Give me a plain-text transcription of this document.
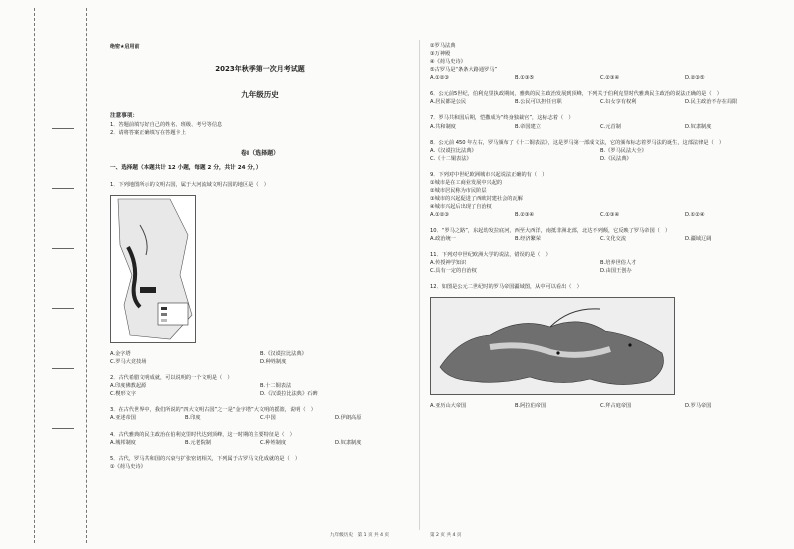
绝密★启用前

2023年秋季第一次月考试题

九年级历史

注意事项：

1．答题前填写好自己的姓名、班级、考号等信息

2．请将答案正确填写在答题卡上

卷I（选择题）

一、选择题（本题共计 12 小题，每题 2 分，共计 24 分，）

1．下列地图所示的文明古国，属于大河流域文明古国的地区是（　）

A.金字塔	B.《汉谟拉比法典》
C.罗马大竞技场	D.种姓制度

2．古代希腊文明成就，可以说明的一个文明是（　）

A.印度佛教起源	B.十二铜表法
C.楔形文字	D.《汉谟拉比法典》石碑

3．在古代世界中，我们所说的“四大文明古国”之一是“金字塔”大文明的摇篮，说明（　）

A.亚述帝国	B.印度	C.中国	D.伊朗高原

4．古代雅典的民主政治在伯利克里时代达到顶峰，这一时期的主要特征是（　）

A.城邦制度	B.元老院制	C.种姓制度	D.奴隶制度

5．古代，罗马共和国的兴衰与扩张密切相关，下列属于古罗马文化成就的是（　）

①《荷马史诗》

②罗马法典

③万神殿

④《荷马史诗》

⑤古罗马是“条条大路通罗马”

A.①②③	B.①③⑤	C.②③④	D.②③⑤

6．公元前5世纪，伯利克里执政期间，雅典的民主政治发展到顶峰，下列关于伯利克里时代雅典民主政治的说法正确的是（　）

A.居民都是公民	B.公民可以担任官职	C.妇女享有权利	D.民主政治不存在局限

7．罗马共和国后期，恺撒成为“终身独裁官”，这标志着（　）

A.共和制度	B.帝国建立	C.元首制	D.奴隶制度

8．公元前 450 年左右，罗马颁布了《十二铜表法》，这是罗马第一部成文法，它的颁布标志着罗马法的诞生，这部法律是（　）

A.《汉谟拉比法典》	B.《罗马民法大全》
C.《十二铜表法》	D.《民法典》

9．下列对中世纪欧洲城市兴起说法正确的有（　）

①城市是在工商业发展中兴起的

②城市居民称为市民阶层

③城市的兴起促进了西欧封建社会的瓦解

④城市兴起后出现了自治权

A.①②③	B.②③④	C.①③④	D.①②④

10．“罗马之路”，东起幼发拉底河，西至大西洋，南抵非洲北部，北达不列颠，它反映了罗马帝国（　）

A.政治统一	B.经济繁荣	C.文化交流	D.疆域辽阔

11．下列对中世纪欧洲大学的说法，错误的是（　）

A.传授神学知识	B.培养世俗人才
C.具有一定的自治权	D.由国王创办

12．如图是公元二世纪时的罗马帝国疆域图，从中可以看出（　）

A.亚历山大帝国	B.阿拉伯帝国	C.拜占庭帝国	D.罗马帝国
九年级历史　第 1 页 共 4 页	第 2 页 共 4 页
